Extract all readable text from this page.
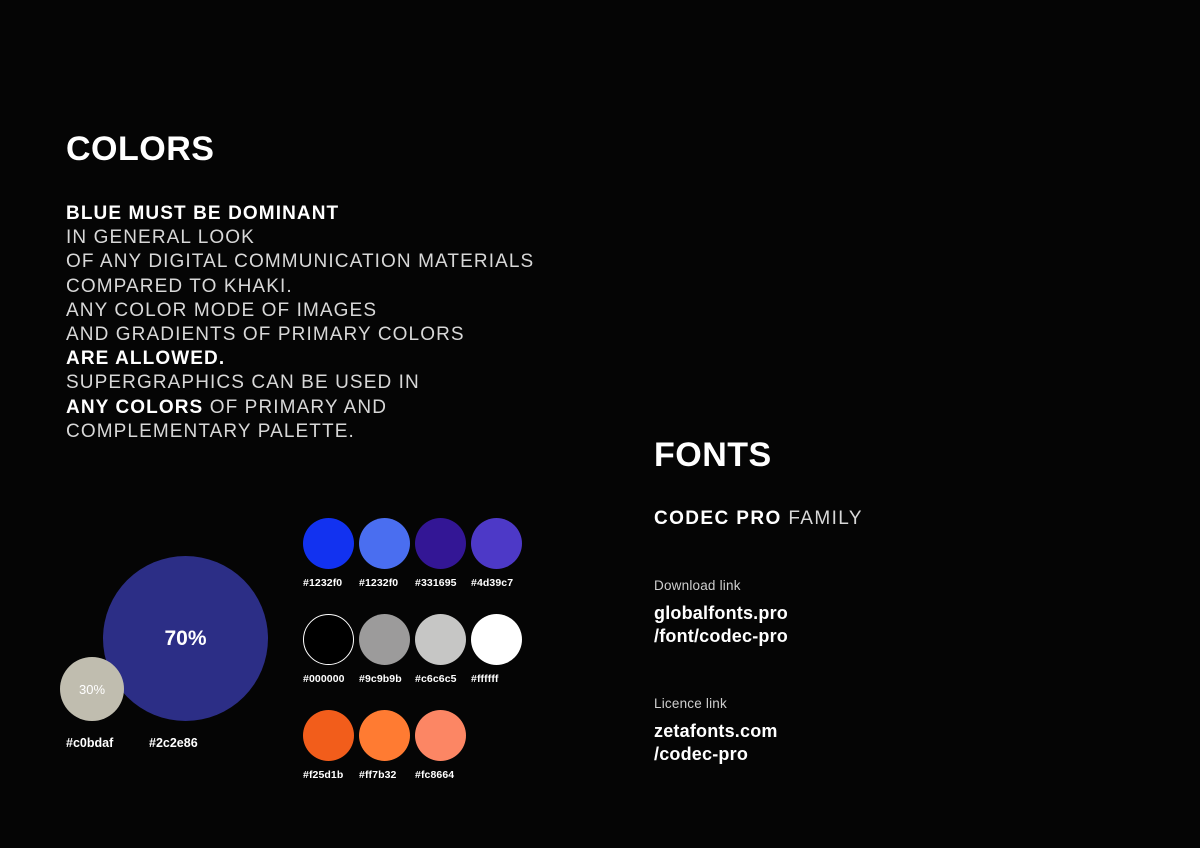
COLORS
BLUE MUST BE DOMINANT
IN GENERAL LOOK
OF ANY DIGITAL COMMUNICATION MATERIALS
COMPARED TO KHAKI.
ANY COLOR MODE OF IMAGES
AND GRADIENTS OF PRIMARY COLORS
ARE ALLOWED.
SUPERGRAPHICS CAN BE USED IN
ANY COLORS OF PRIMARY AND
COMPLEMENTARY PALETTE.
70%
30%
#c0bdaf	#2c2e86
#1232f0 #1232f0 #331695 #4d39c7
#000000 #9c9b9b #c6c6c5 #ffffff
#f25d1b #ff7b32 #fc8664
FONTS
CODEC PRO FAMILY
Download link
globalfonts.pro
/font/codec-pro
Licence link
zetafonts.com
/codec-pro
